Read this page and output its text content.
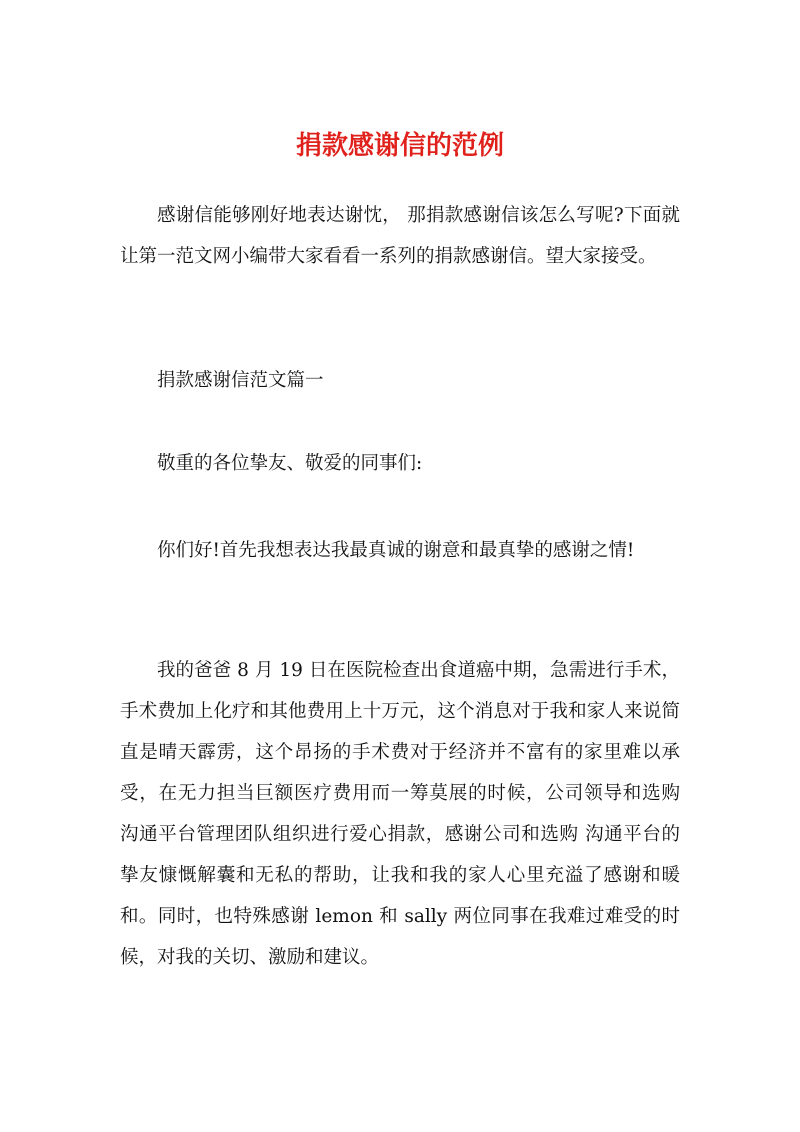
捐款感谢信的范例

感谢信能够刚好地表达谢忱， 那捐款感谢信该怎么写呢?下面就让第一范文网小编带大家看看一系列的捐款感谢信。望大家接受。

捐款感谢信范文篇一

敬重的各位挚友、敬爱的同事们:

你们好!首先我想表达我最真诚的谢意和最真挚的感谢之情!

我的爸爸 8 月 19 日在医院检查出食道癌中期，急需进行手术，手术费加上化疗和其他费用上十万元，这个消息对于我和家人来说简直是晴天霹雳，这个昂扬的手术费对于经济并不富有的家里难以承受，在无力担当巨额医疗费用而一筹莫展的时候，公司领导和选购 沟通平台管理团队组织进行爱心捐款，感谢公司和选购 沟通平台的挚友慷慨解囊和无私的帮助，让我和我的家人心里充溢了感谢和暖和。同时，也特殊感谢 lemon 和 sally 两位同事在我难过难受的时候，对我的关切、激励和建议。
